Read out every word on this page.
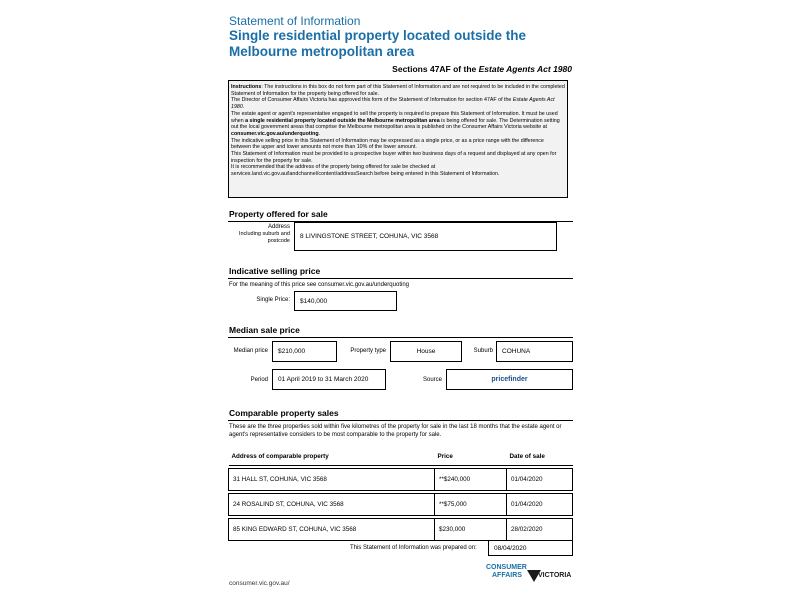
Statement of Information
Single residential property located outside the Melbourne metropolitan area
Sections 47AF of the Estate Agents Act 1980

Instructions: The instructions in this box do not form part of this Statement of Information and are not required to be included in the completed Statement of Information for the property being offered for sale.

The Director of Consumer Affairs Victoria has approved this form of the Statement of Information for section 47AF of the Estate Agents Act 1980.

The estate agent or agent's representative engaged to sell the property is required to prepare this Statement of Information. It must be used when a single residential property located outside the Melbourne metropolitan area is being offered for sale. The Determination setting out the local government areas that comprise the Melbourne metropolitan area is published on the Consumer Affairs Victoria website at consumer.vic.gov.au/underquoting.

The indicative selling price in this Statement of Information may be expressed as a single price, or as a price range with the difference between the upper and lower amounts not more than 10% of the lower amount.

This Statement of Information must be provided to a prospective buyer within two business days of a request and displayed at any open for inspection for the property for sale.

It is recommended that the address of the property being offered for sale be checked at services.land.vic.gov.au/landchannel/content/addressSearch before being entered in this Statement of Information.

Property offered for sale
Address
Including suburb and postcode
8 LIVINGSTONE STREET, COHUNA, VIC 3568
Indicative selling price
For the meaning of this price see consumer.vic.gov.au/underquoting
Single Price:	$140,000
Median sale price
Median price	$210,000	Property type	House	Suburb	COHUNA
Period	01 April 2019 to 31 March 2020	Source	pricefinder
Comparable property sales
These are the three properties sold within five kilometres of the property for sale in the last 18 months that the estate agent or agent's representative considers to be most comparable to the property for sale.
Address of comparable property	Price	Date of sale

31 HALL ST, COHUNA, VIC 3568	**$240,000	01/04/2020

24 ROSALIND ST, COHUNA, VIC 3568	**$75,000	01/04/2020

85 KING EDWARD ST, COHUNA, VIC 3568	$230,000	28/02/2020
This Statement of Information was prepared on:	08/04/2020
consumer.vic.gov.au/
CONSUMER
AFFAIRS VICTORIA
